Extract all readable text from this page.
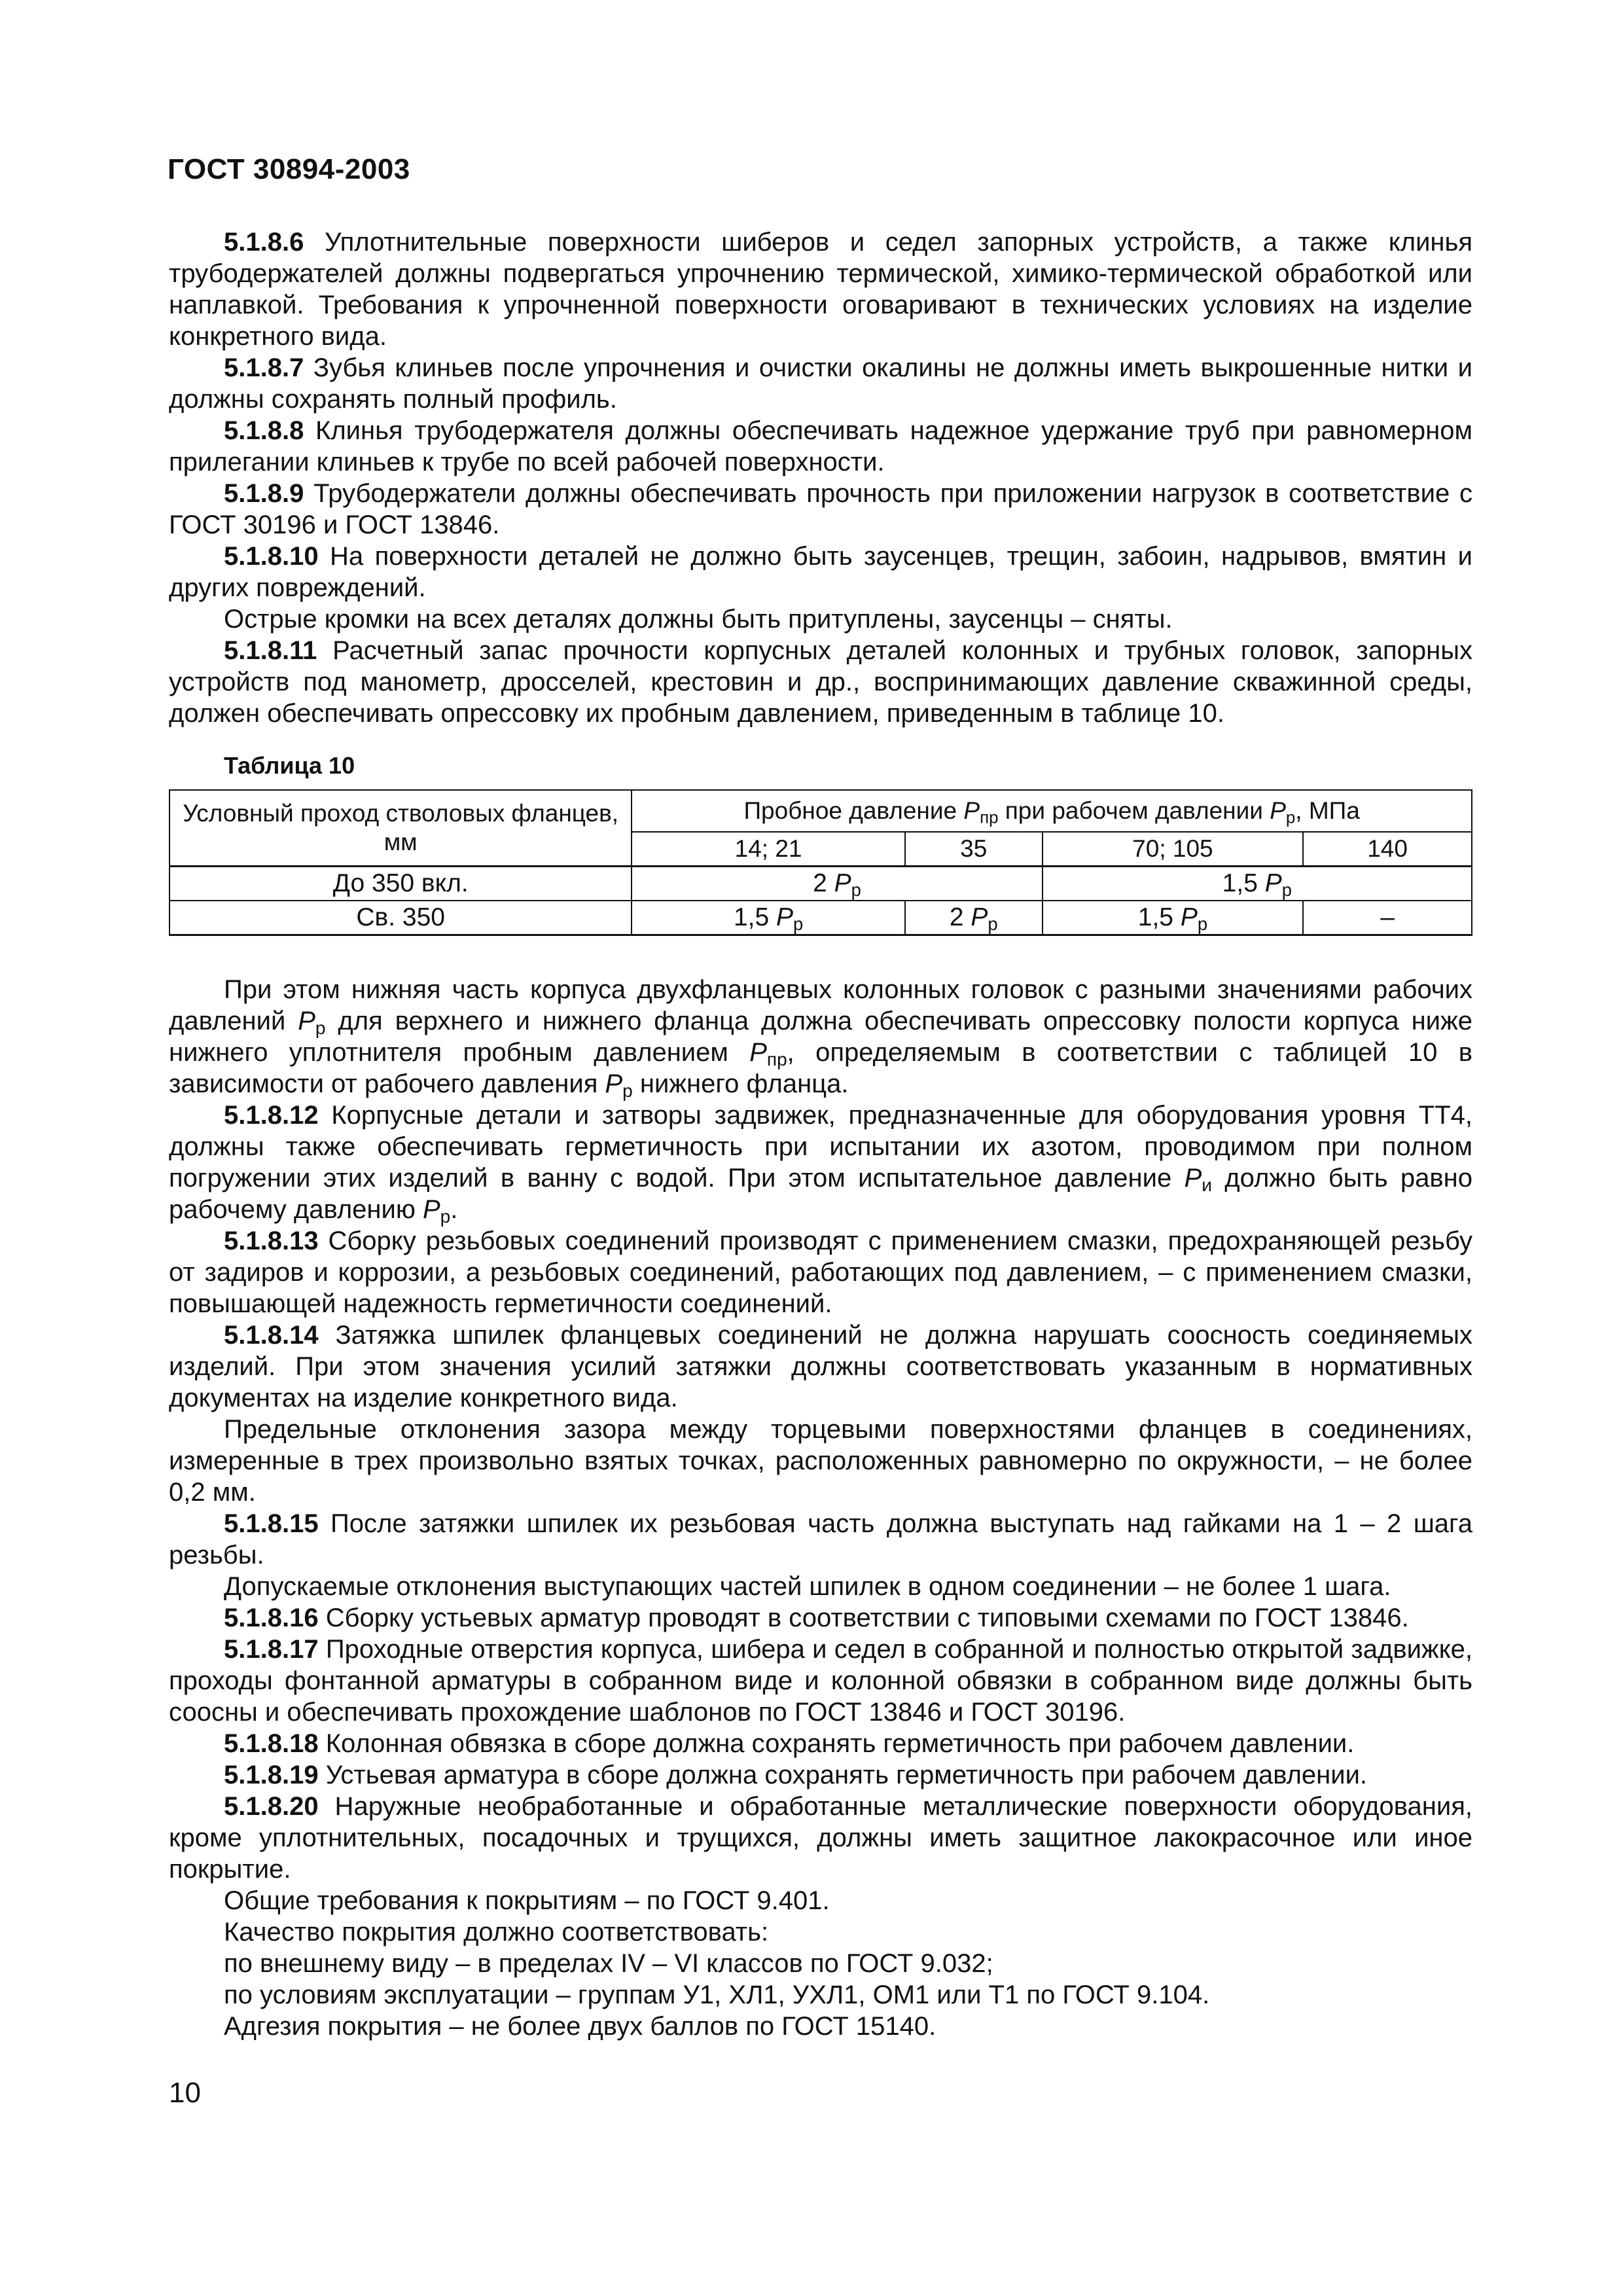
ГОСТ 30894-2003

5.1.8.6 Уплотнительные поверхности шиберов и седел запорных устройств, а также клинья трубодержателей должны подвергаться упрочнению термической, химико-термической обработкой или наплавкой. Требования к упрочненной поверхности оговаривают в технических условиях на изделие конкретного вида.

5.1.8.7 Зубья клиньев после упрочнения и очистки окалины не должны иметь выкрошенные нитки и должны сохранять полный профиль.

5.1.8.8 Клинья трубодержателя должны обеспечивать надежное удержание труб при равномерном прилегании клиньев к трубе по всей рабочей поверхности.

5.1.8.9 Трубодержатели должны обеспечивать прочность при приложении нагрузок в соответствие с ГОСТ 30196 и ГОСТ 13846.

5.1.8.10 На поверхности деталей не должно быть заусенцев, трещин, забоин, надрывов, вмятин и других повреждений.

Острые кромки на всех деталях должны быть притуплены, заусенцы – сняты.

5.1.8.11 Расчетный запас прочности корпусных деталей колонных и трубных головок, запорных устройств под манометр, дросселей, крестовин и др., воспринимающих давление скважинной среды, должен обеспечивать опрессовку их пробным давлением, приведенным в таблице 10.

Таблица 10
Условный проход стволовых фланцев, мм	Пробное давление $P_{пр}$ при рабочем давлении $P_р$, МПа			
	14; 21	35	70; 105	140
До 350 вкл.	2 $P_р$		1,5 $P_р$
Св. 350	1,5 $P_р$	2 $P_р$	1,5 $P_р$	–

При этом нижняя часть корпуса двухфланцевых колонных головок с разными значениями рабочих давлений $P_р$ для верхнего и нижнего фланца должна обеспечивать опрессовку полости корпуса ниже нижнего уплотнителя пробным давлением $P_{пр}$, определяемым в соответствии с таблицей 10 в зависимости от рабочего давления $P_р$ нижнего фланца.

5.1.8.12 Корпусные детали и затворы задвижек, предназначенные для оборудования уровня ТТ4, должны также обеспечивать герметичность при испытании их азотом, проводимом при полном погружении этих изделий в ванну с водой. При этом испытательное давление $P_и$ должно быть равно рабочему давлению $P_р$.

5.1.8.13 Сборку резьбовых соединений производят с применением смазки, предохраняющей резьбу от задиров и коррозии, а резьбовых соединений, работающих под давлением, – с применением смазки, повышающей надежность герметичности соединений.

5.1.8.14 Затяжка шпилек фланцевых соединений не должна нарушать соосность соединяемых изделий. При этом значения усилий затяжки должны соответствовать указанным в нормативных документах на изделие конкретного вида.

Предельные отклонения зазора между торцевыми поверхностями фланцев в соединениях, измеренные в трех произвольно взятых точках, расположенных равномерно по окружности, – не более 0,2 мм.

5.1.8.15 После затяжки шпилек их резьбовая часть должна выступать над гайками на 1 – 2 шага резьбы.

Допускаемые отклонения выступающих частей шпилек в одном соединении – не более 1 шага.

5.1.8.16 Сборку устьевых арматур проводят в соответствии с типовыми схемами по ГОСТ 13846.

5.1.8.17 Проходные отверстия корпуса, шибера и седел в собранной и полностью открытой задвижке, проходы фонтанной арматуры в собранном виде и колонной обвязки в собранном виде должны быть соосны и обеспечивать прохождение шаблонов по ГОСТ 13846 и ГОСТ 30196.

5.1.8.18 Колонная обвязка в сборе должна сохранять герметичность при рабочем давлении.

5.1.8.19 Устьевая арматура в сборе должна сохранять герметичность при рабочем давлении.

5.1.8.20 Наружные необработанные и обработанные металлические поверхности оборудования, кроме уплотнительных, посадочных и трущихся, должны иметь защитное лакокрасочное или иное покрытие.

Общие требования к покрытиям – по ГОСТ 9.401.

Качество покрытия должно соответствовать:

по внешнему виду – в пределах IV – VI классов по ГОСТ 9.032;

по условиям эксплуатации – группам У1, ХЛ1, УХЛ1, ОМ1 или Т1 по ГОСТ 9.104.

Адгезия покрытия – не более двух баллов по ГОСТ 15140.

10
